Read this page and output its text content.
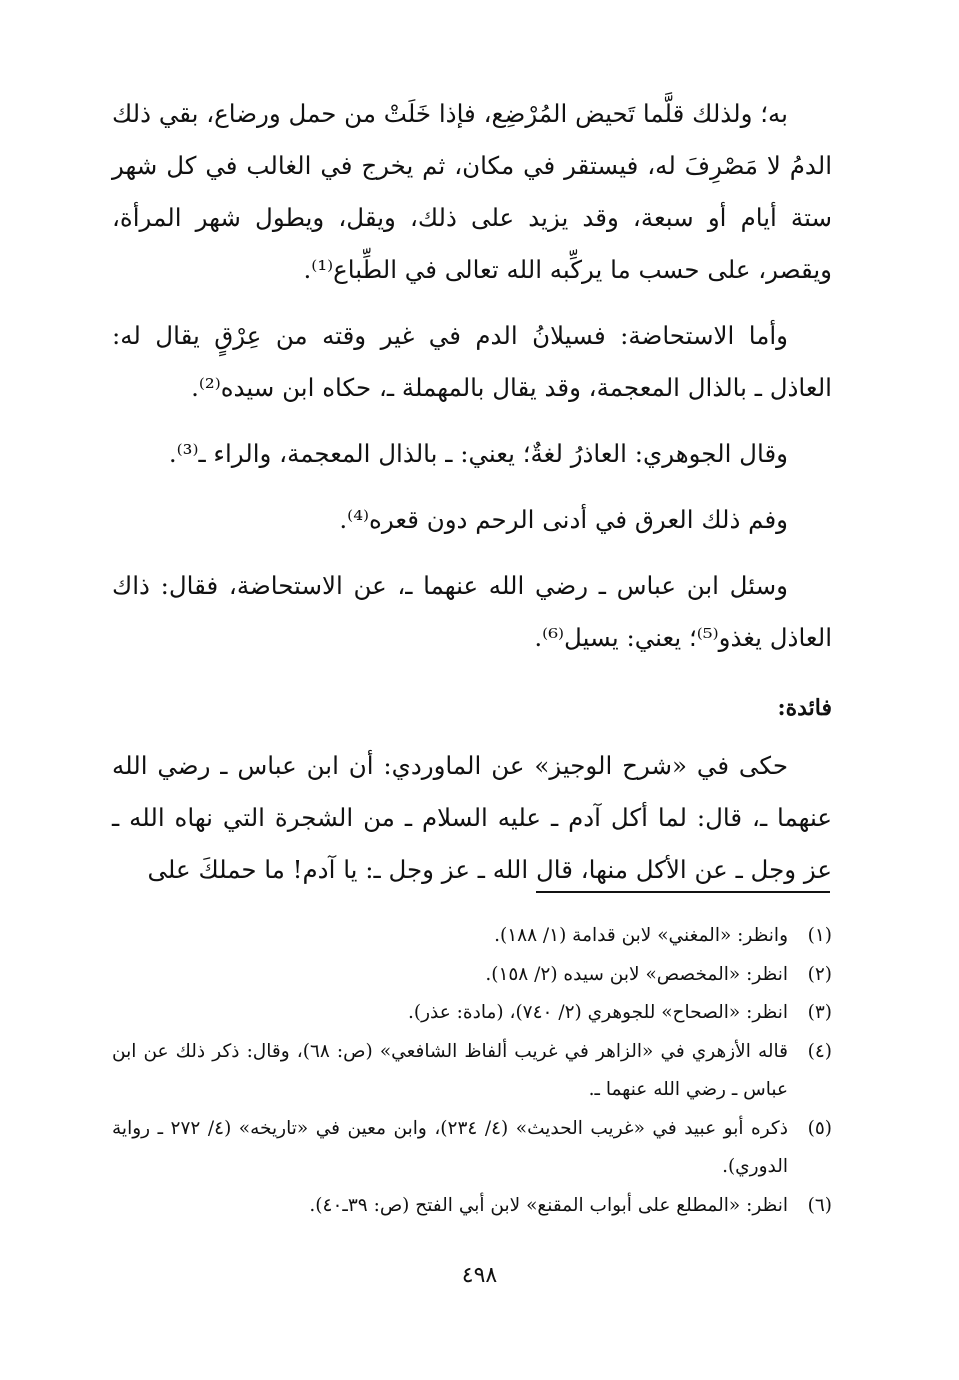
به؛ ولذلك قلَّما تَحيض المُرْضِع، فإذا خَلَتْ من حمل ورضاع، بقي ذلك الدمُ لا مَصْرِفَ له، فيستقر في مكان، ثم يخرج في الغالب في كل شهر ستة أيام أو سبعة، وقد يزيد على ذلك، ويقل، ويطول شهر المرأة، ويقصر، على حسب ما يركِّبه الله تعالى في الطِّباع⁽¹⁾.

وأما الاستحاضة: فسيلانُ الدم في غير وقته من عِرْقٍ يقال له: العاذل ـ بالذال المعجمة، وقد يقال بالمهملة ـ، حكاه ابن سيده⁽²⁾.

وقال الجوهري: العاذرُ لغةٌ؛ يعني: ـ بالذال المعجمة، والراء ـ⁽³⁾.

وفم ذلك العرق في أدنى الرحم دون قعره⁽⁴⁾.

وسئل ابن عباس ـ رضي الله عنهما ـ، عن الاستحاضة، فقال: ذاك العاذل يغذو⁽⁵⁾؛ يعني: يسيل⁽⁶⁾.

فائدة:

حكى في «شرح الوجيز» عن الماوردي: أن ابن عباس ـ رضي الله عنهما ـ، قال: لما أكل آدم ـ عليه السلام ـ من الشجرة التي نهاه الله ـ عز وجل ـ عن الأكل منها، قال الله ـ عز وجل ـ: يا آدم! ما حملكَ على

(١)
وانظر: «المغني» لابن قدامة (١/ ١٨٨).
(٢)
انظر: «المخصص» لابن سيده (٢/ ١٥٨).
(٣)
انظر: «الصحاح» للجوهري (٢/ ٧٤٠)، (مادة: عذر).
(٤)
قاله الأزهري في «الزاهر في غريب ألفاظ الشافعي» (ص: ٦٨)، وقال: ذكر ذلك عن ابن عباس ـ رضي الله عنهما ـ.
(٥)
ذكره أبو عبيد في «غريب الحديث» (٤/ ٢٣٤)، وابن معين في «تاريخه» (٤/ ٢٧٢ ـ رواية الدوري).
(٦)
انظر: «المطلع على أبواب المقنع» لابن أبي الفتح (ص: ٣٩ـ٤٠).
٤٩٨
